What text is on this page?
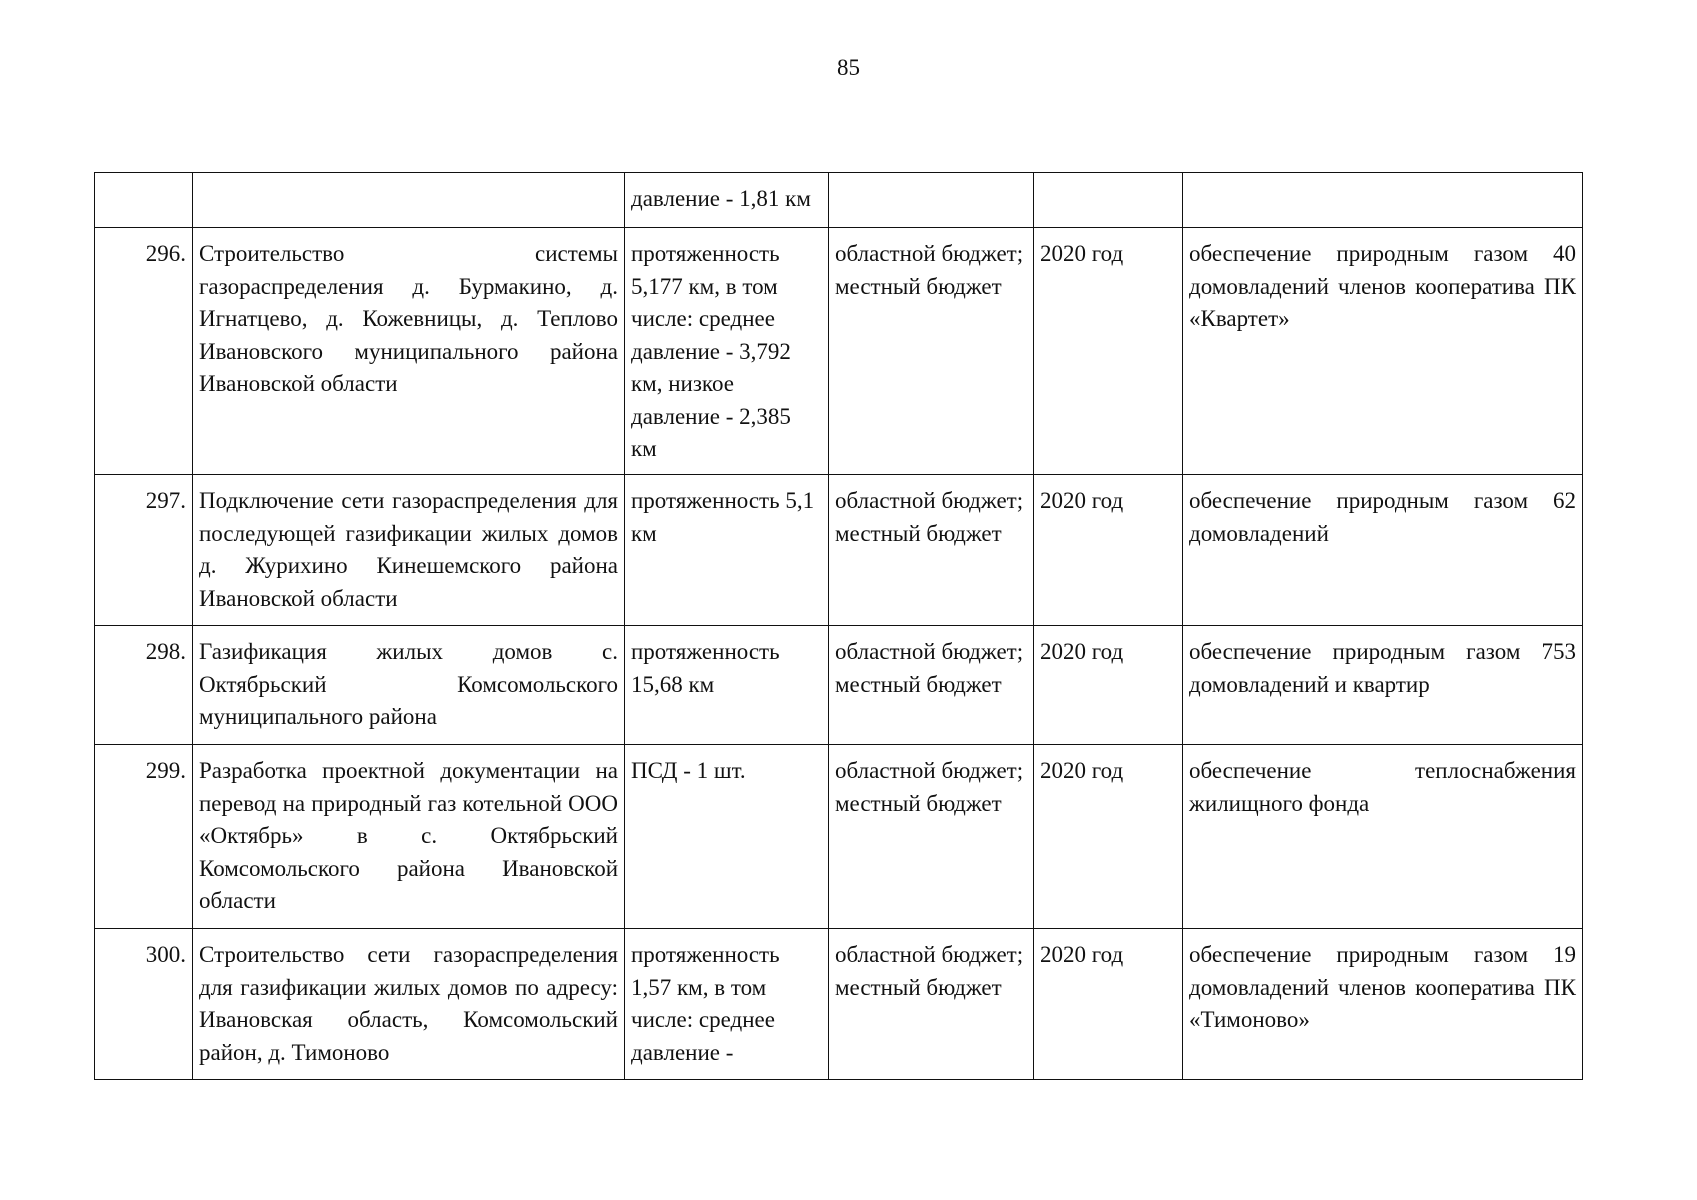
85
		давление - 1,81 км			
296.	Строительство системы газораспределения д. Бурмакино, д. Игнатцево, д. Кожевницы, д. Теплово Ивановского муниципального района Ивановской области	протяженность 5,177 км, в том числе: среднее давление - 3,792 км, низкое давление - 2,385 км	областной бюджет; местный бюджет	2020 год	обеспечение природным газом 40 домовладений членов кооператива ПК «Квартет»
297.	Подключение сети газораспределения для последующей газификации жилых домов д. Журихино Кинешемского района Ивановской области	протяженность 5,1 км	областной бюджет; местный бюджет	2020 год	обеспечение природным газом 62 домовладений
298.	Газификация жилых домов с. Октябрьский Комсомольского муниципального района	протяженность 15,68 км	областной бюджет; местный бюджет	2020 год	обеспечение природным газом 753 домовладений и квартир
299.	Разработка проектной документации на перевод на природный газ котельной ООО «Октябрь» в с. Октябрьский Комсомольского района Ивановской области	ПСД - 1 шт.	областной бюджет; местный бюджет	2020 год	обеспечение теплоснабжения жилищного фонда
300.	Строительство сети газораспределения для газификации жилых домов по адресу: Ивановская область, Комсомольский район, д. Тимоново	протяженность 1,57 км, в том числе: среднее давление -	областной бюджет; местный бюджет	2020 год	обеспечение природным газом 19 домовладений членов кооператива ПК «Тимоново»
